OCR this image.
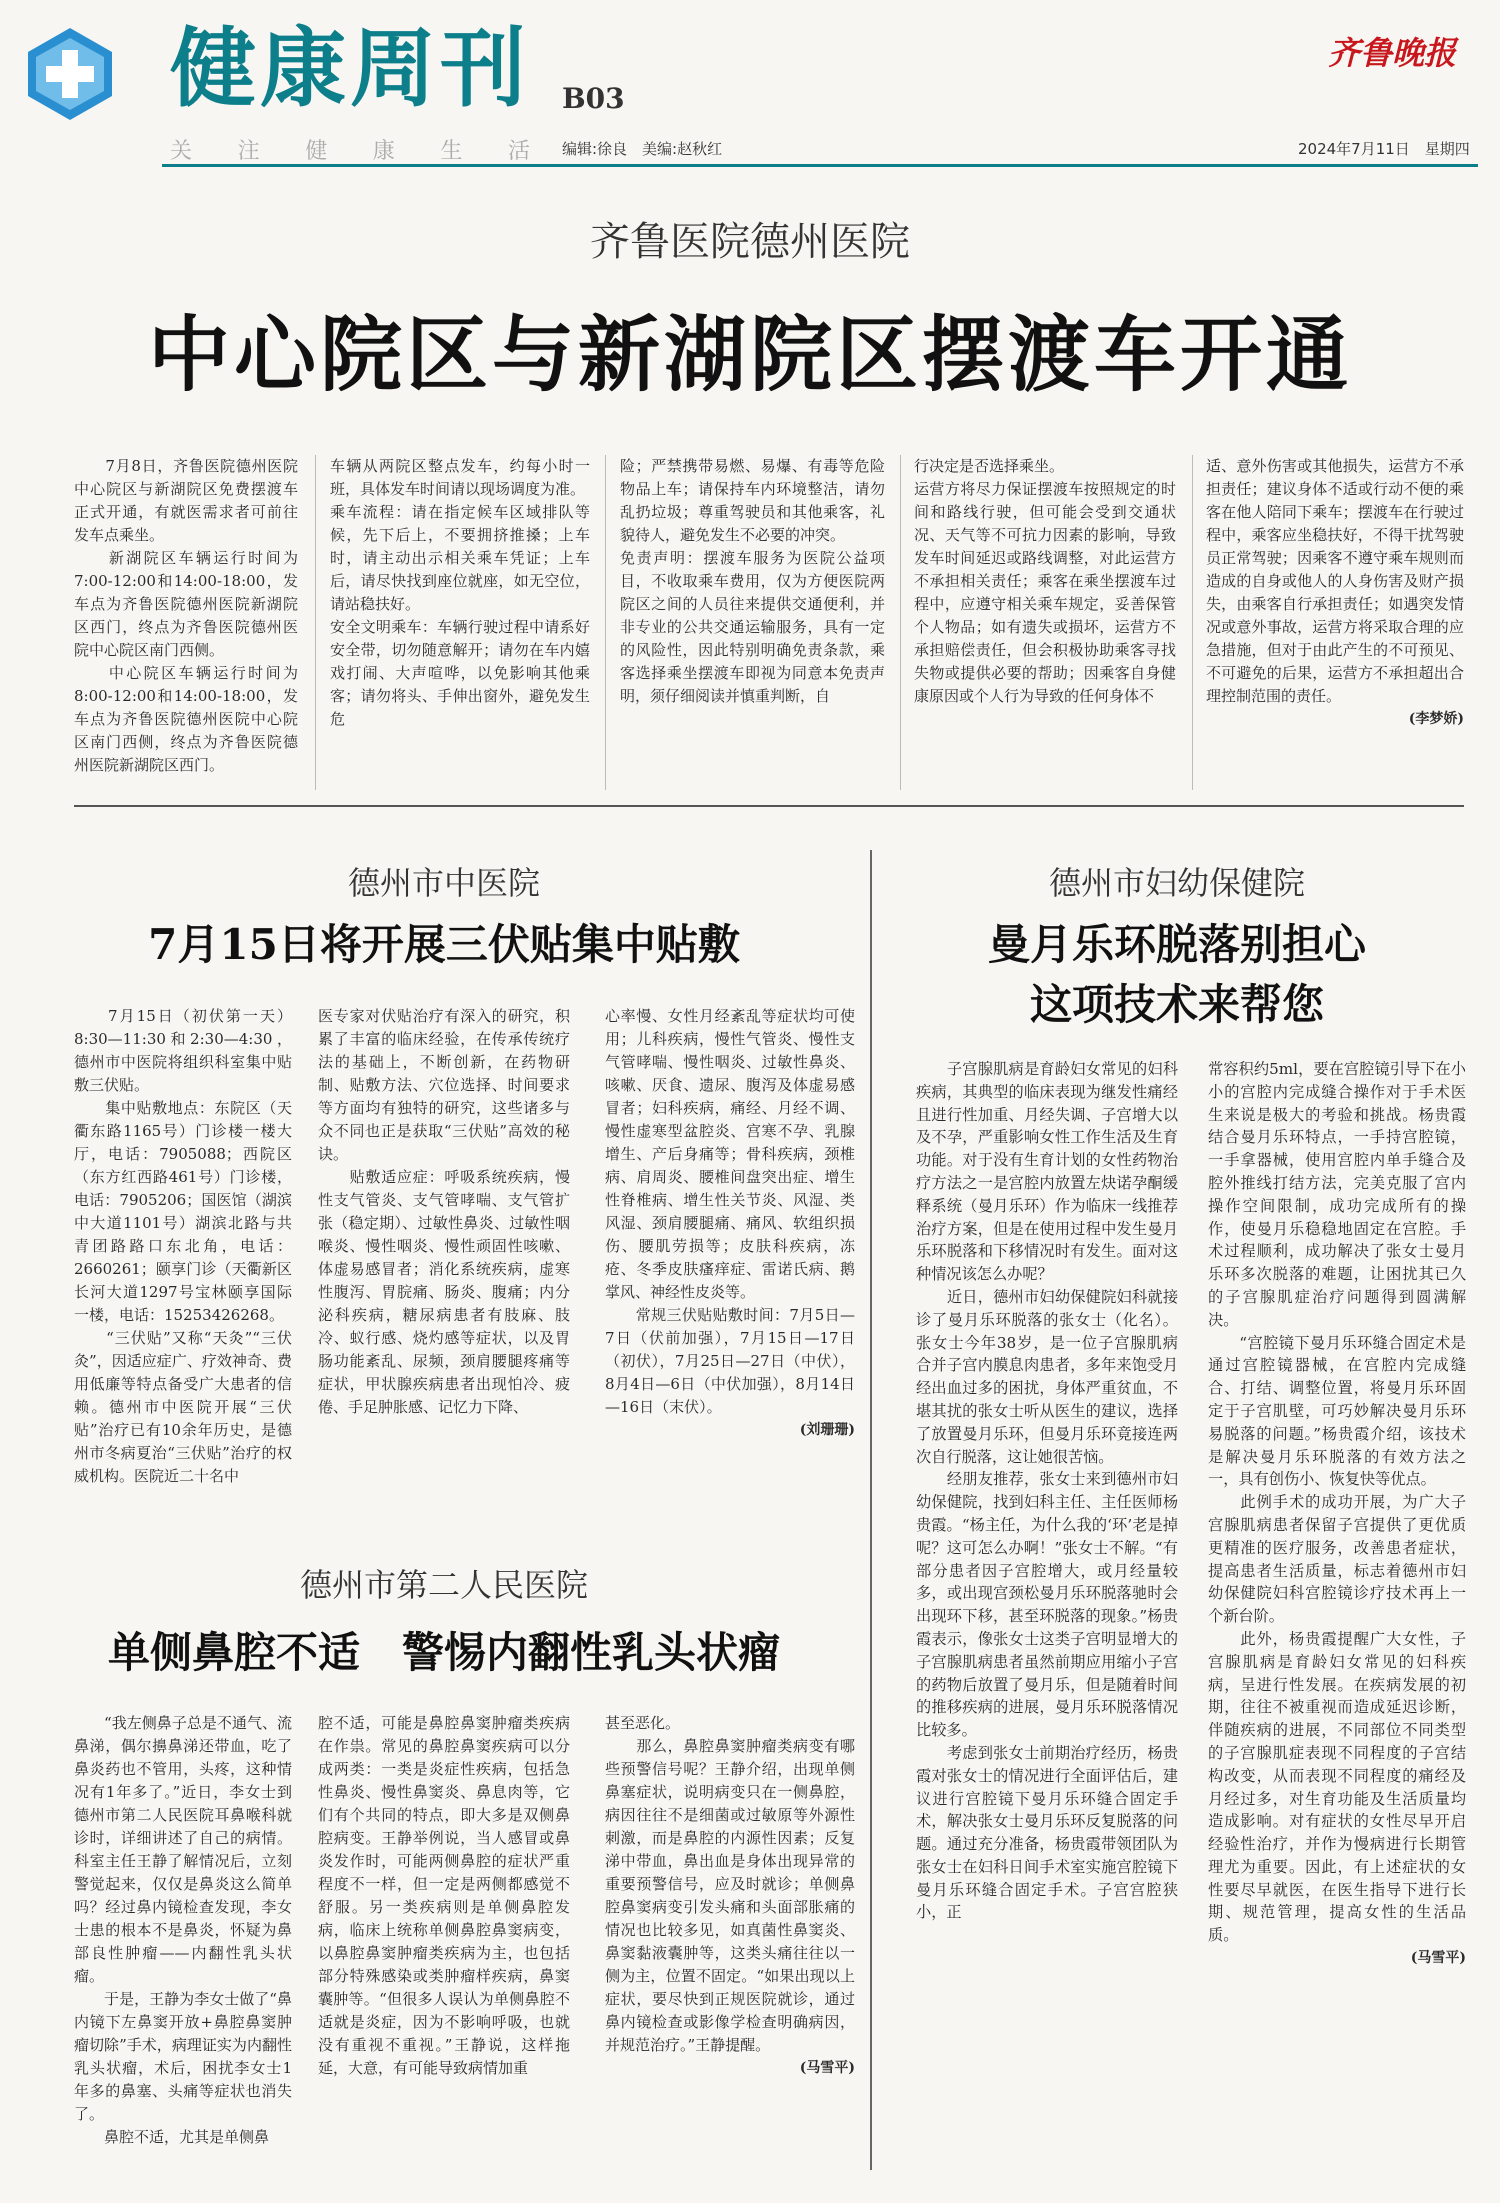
健康周刊 B03
关 注 健 康 生 活 编辑:徐良　美编:赵秋红
齐鲁晚报
2024年7月11日　星期四
齐鲁医院德州医院
中心院区与新湖院区摆渡车开通
　　7月8日，齐鲁医院德州医院中心院区与新湖院区免费摆渡车正式开通，有就医需求者可前往发车点乘坐。
　　新湖院区车辆运行时间为7:00-12:00和14:00-18:00，发车点为齐鲁医院德州医院新湖院区西门，终点为齐鲁医院德州医院中心院区南门西侧。
　　中心院区车辆运行时间为8:00-12:00和14:00-18:00，发车点为齐鲁医院德州医院中心院区南门西侧，终点为齐鲁医院德州医院新湖院区西门。
车辆从两院区整点发车，约每小时一班，具体发车时间请以现场调度为准。
乘车流程：请在指定候车区域排队等候，先下后上，不要拥挤推搡；上车时，请主动出示相关乘车凭证；上车后，请尽快找到座位就座，如无空位，请站稳扶好。
安全文明乘车：车辆行驶过程中请系好安全带，切勿随意解开；请勿在车内嬉戏打闹、大声喧哗，以免影响其他乘客；请勿将头、手伸出窗外，避免发生危
险；严禁携带易燃、易爆、有毒等危险物品上车；请保持车内环境整洁，请勿乱扔垃圾；尊重驾驶员和其他乘客，礼貌待人，避免发生不必要的冲突。
免责声明：摆渡车服务为医院公益项目，不收取乘车费用，仅为方便医院两院区之间的人员往来提供交通便利，并非专业的公共交通运输服务，具有一定的风险性，因此特别明确免责条款，乘客选择乘坐摆渡车即视为同意本免责声明，须仔细阅读并慎重判断，自
行决定是否选择乘坐。
运营方将尽力保证摆渡车按照规定的时间和路线行驶，但可能会受到交通状况、天气等不可抗力因素的影响，导致发车时间延迟或路线调整，对此运营方不承担相关责任；乘客在乘坐摆渡车过程中，应遵守相关乘车规定，妥善保管个人物品；如有遗失或损坏，运营方不承担赔偿责任，但会积极协助乘客寻找失物或提供必要的帮助；因乘客自身健康原因或个人行为导致的任何身体不
适、意外伤害或其他损失，运营方不承担责任；建议身体不适或行动不便的乘客在他人陪同下乘车；摆渡车在行驶过程中，乘客应坐稳扶好，不得干扰驾驶员正常驾驶；因乘客不遵守乘车规则而造成的自身或他人的人身伤害及财产损失，由乘客自行承担责任；如遇突发情况或意外事故，运营方将采取合理的应急措施，但对于由此产生的不可预见、不可避免的后果，运营方不承担超出合理控制范围的责任。
(李梦娇)
德州市中医院
7月15日将开展三伏贴集中贴敷
　　7月15日（初伏第一天）8:30—11:30和2:30—4:30，德州市中医院将组织科室集中贴敷三伏贴。
　　集中贴敷地点：东院区（天衢东路1165号）门诊楼一楼大厅，电话：7905088；西院区（东方红西路461号）门诊楼，电话：7905206；国医馆（湖滨中大道1101号）湖滨北路与共青团路路口东北角，电话：2660261；颐享门诊（天衢新区长河大道1297号宝林颐享国际一楼，电话：15253426268。
　　“三伏贴”又称“天灸”“三伏灸”，因适应症广、疗效神奇、费用低廉等特点备受广大患者的信赖。德州市中医院开展“三伏贴”治疗已有10余年历史，是德州市冬病夏治“三伏贴”治疗的权威机构。医院近二十名中
医专家对伏贴治疗有深入的研究，积累了丰富的临床经验，在传承传统疗法的基础上，不断创新，在药物研制、贴敷方法、穴位选择、时间要求等方面均有独特的研究，这些诸多与众不同也正是获取“三伏贴”高效的秘诀。
　　贴敷适应症：呼吸系统疾病，慢性支气管炎、支气管哮喘、支气管扩张（稳定期）、过敏性鼻炎、过敏性咽喉炎、慢性咽炎、慢性顽固性咳嗽、体虚易感冒者；消化系统疾病，虚寒性腹泻、胃脘痛、肠炎、腹痛；内分泌科疾病，糖尿病患者有肢麻、肢冷、蚁行感、烧灼感等症状，以及胃肠功能紊乱、尿频，颈肩腰腿疼痛等症状，甲状腺疾病患者出现怕冷、疲倦、手足肿胀感、记忆力下降、
心率慢、女性月经紊乱等症状均可使用；儿科疾病，慢性气管炎、慢性支气管哮喘、慢性咽炎、过敏性鼻炎、咳嗽、厌食、遗尿、腹泻及体虚易感冒者；妇科疾病，痛经、月经不调、慢性虚寒型盆腔炎、宫寒不孕、乳腺增生、产后身痛等；骨科疾病，颈椎病、肩周炎、腰椎间盘突出症、增生性脊椎病、增生性关节炎、风湿、类风湿、颈肩腰腿痛、痛风、软组织损伤、腰肌劳损等；皮肤科疾病，冻疮、冬季皮肤瘙痒症、雷诺氏病、鹅掌风、神经性皮炎等。
　　常规三伏贴贴敷时间：7月5日—7日（伏前加强），7月15日—17日（初伏），7月25日—27日（中伏），8月4日—6日（中伏加强），8月14日—16日（末伏）。
(刘珊珊)
德州市第二人民医院
单侧鼻腔不适　警惕内翻性乳头状瘤
　　“我左侧鼻子总是不通气、流鼻涕，偶尔擤鼻涕还带血，吃了鼻炎药也不管用，头疼，这种情况有1年多了。”近日，李女士到德州市第二人民医院耳鼻喉科就诊时，详细讲述了自己的病情。科室主任王静了解情况后，立刻警觉起来，仅仅是鼻炎这么简单吗？经过鼻内镜检查发现，李女士患的根本不是鼻炎，怀疑为鼻部良性肿瘤——内翻性乳头状瘤。
　　于是，王静为李女士做了“鼻内镜下左鼻窦开放+鼻腔鼻窦肿瘤切除”手术，病理证实为内翻性乳头状瘤，术后，困扰李女士1年多的鼻塞、头痛等症状也消失了。
　　鼻腔不适，尤其是单侧鼻
腔不适，可能是鼻腔鼻窦肿瘤类疾病在作祟。常见的鼻腔鼻窦疾病可以分成两类：一类是炎症性疾病，包括急性鼻炎、慢性鼻窦炎、鼻息肉等，它们有个共同的特点，即大多是双侧鼻腔病变。王静举例说，当人感冒或鼻炎发作时，可能两侧鼻腔的症状严重程度不一样，但一定是两侧都感觉不舒服。另一类疾病则是单侧鼻腔发病，临床上统称单侧鼻腔鼻窦病变，以鼻腔鼻窦肿瘤类疾病为主，也包括部分特殊感染或类肿瘤样疾病，鼻窦囊肿等。“但很多人误认为单侧鼻腔不适就是炎症，因为不影响呼吸，也就没有重视不重视。”王静说，这样拖延，大意，有可能导致病情加重
甚至恶化。
　　那么，鼻腔鼻窦肿瘤类病变有哪些预警信号呢？王静介绍，出现单侧鼻塞症状，说明病变只在一侧鼻腔，病因往往不是细菌或过敏原等外源性刺激，而是鼻腔的内源性因素；反复涕中带血，鼻出血是身体出现异常的重要预警信号，应及时就诊；单侧鼻腔鼻窦病变引发头痛和头面部胀痛的情况也比较多见，如真菌性鼻窦炎、鼻窦黏液囊肿等，这类头痛往往以一侧为主，位置不固定。“如果出现以上症状，要尽快到正规医院就诊，通过鼻内镜检查或影像学检查明确病因，并规范治疗。”王静提醒。
(马雪平)
德州市妇幼保健院
曼月乐环脱落别担心
这项技术来帮您
　　子宫腺肌病是育龄妇女常见的妇科疾病，其典型的临床表现为继发性痛经且进行性加重、月经失调、子宫增大以及不孕，严重影响女性工作生活及生育功能。对于没有生育计划的女性药物治疗方法之一是宫腔内放置左炔诺孕酮缓释系统（曼月乐环）作为临床一线推荐治疗方案，但是在使用过程中发生曼月乐环脱落和下移情况时有发生。面对这种情况该怎么办呢？
　　近日，德州市妇幼保健院妇科就接诊了曼月乐环脱落的张女士（化名）。张女士今年38岁，是一位子宫腺肌病合并子宫内膜息肉患者，多年来饱受月经出血过多的困扰，身体严重贫血，不堪其扰的张女士听从医生的建议，选择了放置曼月乐环，但曼月乐环竟接连两次自行脱落，这让她很苦恼。
　　经朋友推荐，张女士来到德州市妇幼保健院，找到妇科主任、主任医师杨贵霞。“杨主任，为什么我的‘环’老是掉呢？这可怎么办啊！”张女士不解。“有部分患者因子宫腔增大，或月经量较多，或出现宫颈松曼月乐环脱落驰时会出现环下移，甚至环脱落的现象。”杨贵霞表示，像张女士这类子宫明显增大的子宫腺肌病患者虽然前期应用缩小子宫的药物后放置了曼月乐，但是随着时间的推移疾病的进展，曼月乐环脱落情况比较多。
　　考虑到张女士前期治疗经历，杨贵霞对张女士的情况进行全面评估后，建议进行宫腔镜下曼月乐环缝合固定手术，解决张女士曼月乐环反复脱落的问题。通过充分准备，杨贵霞带领团队为张女士在妇科日间手术室实施宫腔镜下曼月乐环缝合固定手术。子宫宫腔狭小，正
常容积约5ml，要在宫腔镜引导下在小小的宫腔内完成缝合操作对于手术医生来说是极大的考验和挑战。杨贵霞结合曼月乐环特点，一手持宫腔镜，一手拿器械，使用宫腔内单手缝合及腔外推线打结方法，完美克服了宫内操作空间限制，成功完成所有的操作，使曼月乐稳稳地固定在宫腔。手术过程顺利，成功解决了张女士曼月乐环多次脱落的难题，让困扰其已久的子宫腺肌症治疗问题得到圆满解决。
　　“宫腔镜下曼月乐环缝合固定术是通过宫腔镜器械，在宫腔内完成缝合、打结、调整位置，将曼月乐环固定于子宫肌壁，可巧妙解决曼月乐环易脱落的问题。”杨贵霞介绍，该技术是解决曼月乐环脱落的有效方法之一，具有创伤小、恢复快等优点。
　　此例手术的成功开展，为广大子宫腺肌病患者保留子宫提供了更优质更精准的医疗服务，改善患者症状，提高患者生活质量，标志着德州市妇幼保健院妇科宫腔镜诊疗技术再上一个新台阶。
　　此外，杨贵霞提醒广大女性，子宫腺肌病是育龄妇女常见的妇科疾病，呈进行性发展。在疾病发展的初期，往往不被重视而造成延迟诊断，伴随疾病的进展，不同部位不同类型的子宫腺肌症表现不同程度的子宫结构改变，从而表现不同程度的痛经及月经过多，对生育功能及生活质量均造成影响。对有症状的女性尽早开启经验性治疗，并作为慢病进行长期管理尤为重要。因此，有上述症状的女性要尽早就医，在医生指导下进行长期、规范管理，提高女性的生活品质。
(马雪平)
